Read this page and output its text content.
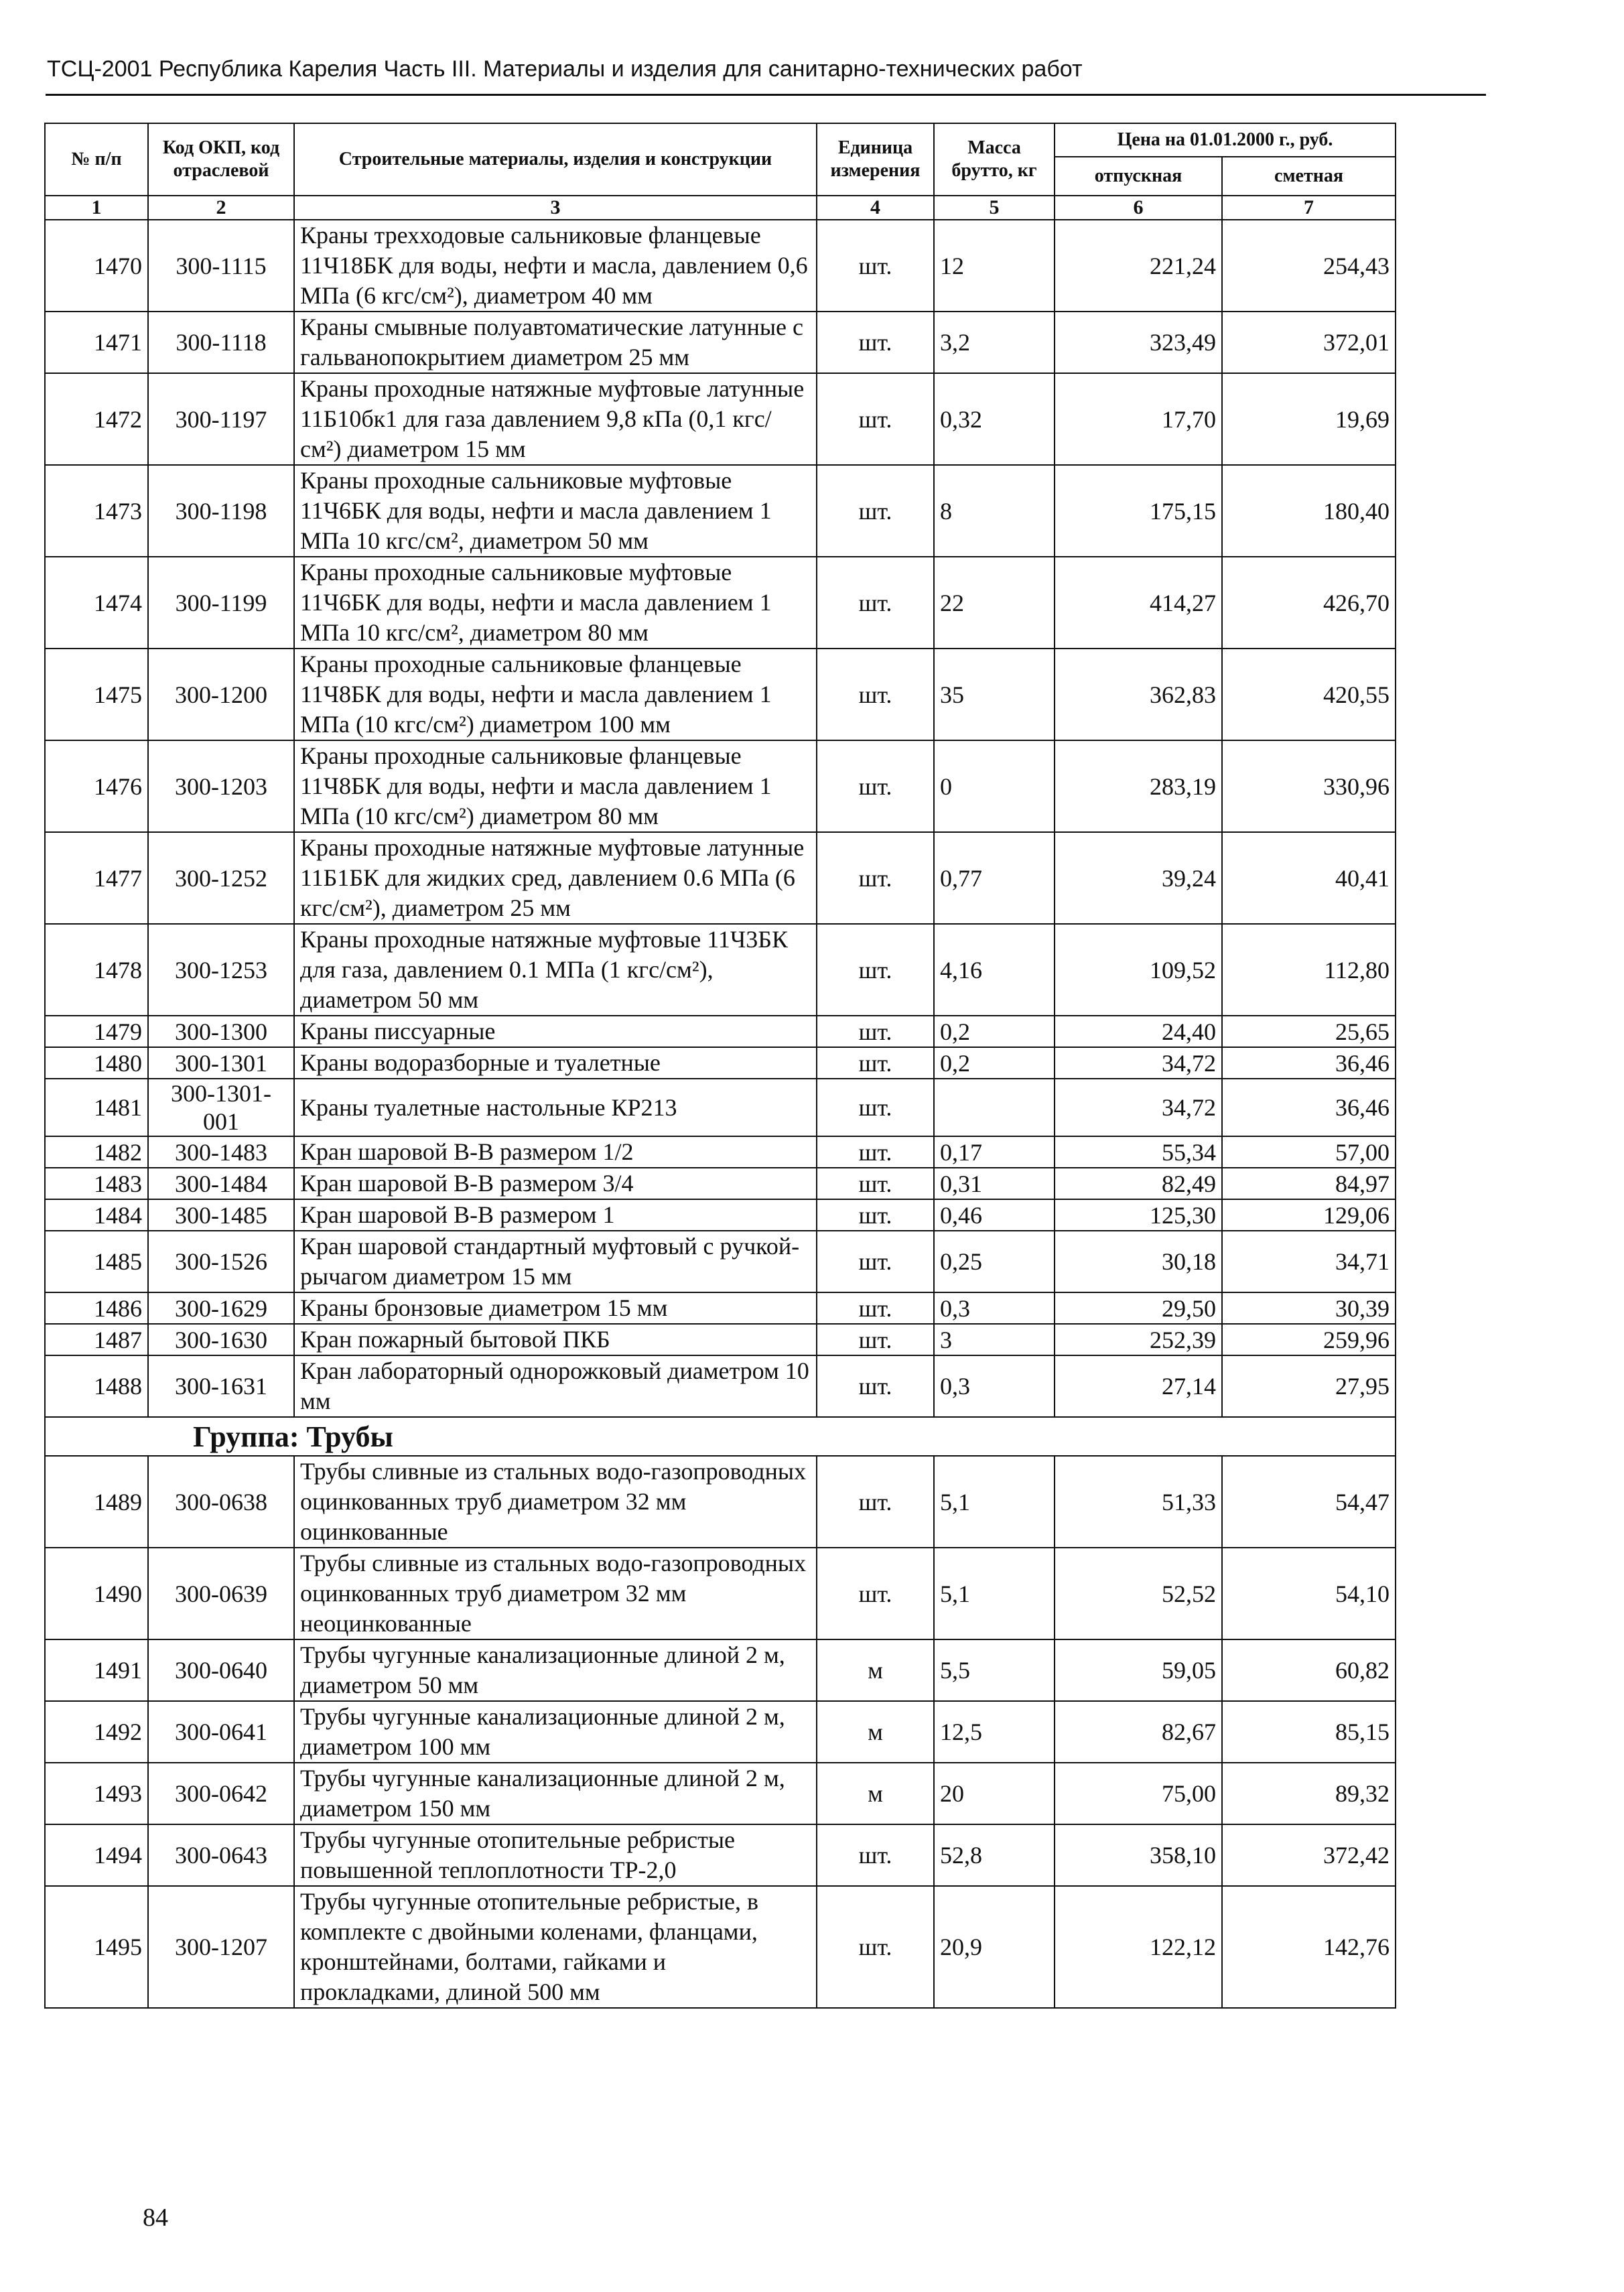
ТСЦ-2001 Республика Карелия Часть III. Материалы и изделия для санитарно-технических работ
№ п/п	Код ОКП, код отраслевой	Строительные материалы, изделия и конструкции	Единица измерения	Масса брутто, кг	Цена на 01.01.2000 г., руб.	
					отпускная	сметная
1	2	3	4	5	6	7
1470	300-1115	Краны трехходовые сальниковые фланцевые 11Ч18БК для воды, нефти и масла, давлением 0,6 МПа (6 кгс/см²), диаметром 40 мм	шт.	12	221,24	254,43
1471	300-1118	Краны смывные полуавтоматические латунные с гальванопокрытием диаметром 25 мм	шт.	3,2	323,49	372,01
1472	300-1197	Краны проходные натяжные муфтовые латунные 11Б10бк1 для газа давлением 9,8 кПа (0,1 кгс/см²) диаметром 15 мм	шт.	0,32	17,70	19,69
1473	300-1198	Краны проходные сальниковые муфтовые 11Ч6БК для воды, нефти и масла давлением 1 МПа 10 кгс/см², диаметром 50 мм	шт.	8	175,15	180,40
1474	300-1199	Краны проходные сальниковые муфтовые 11Ч6БК для воды, нефти и масла давлением 1 МПа 10 кгс/см², диаметром 80 мм	шт.	22	414,27	426,70
1475	300-1200	Краны проходные сальниковые фланцевые 11Ч8БК для воды, нефти и масла давлением 1 МПа (10 кгс/см²) диаметром 100 мм	шт.	35	362,83	420,55
1476	300-1203	Краны проходные сальниковые фланцевые 11Ч8БК для воды, нефти и масла давлением 1 МПа (10 кгс/см²) диаметром 80 мм	шт.	0	283,19	330,96
1477	300-1252	Краны проходные натяжные муфтовые латунные 11Б1БК для жидких сред, давлением 0.6 МПа (6 кгс/см²), диаметром 25 мм	шт.	0,77	39,24	40,41
1478	300-1253	Краны проходные натяжные муфтовые 11Ч3БК для газа, давлением 0.1 МПа (1 кгс/см²), диаметром 50 мм	шт.	4,16	109,52	112,80
1479	300-1300	Краны писсуарные	шт.	0,2	24,40	25,65
1480	300-1301	Краны водоразборные и туалетные	шт.	0,2	34,72	36,46
1481	300-1301-001	Краны туалетные настольные КР213	шт.		34,72	36,46
1482	300-1483	Кран шаровой В-В размером 1/2	шт.	0,17	55,34	57,00
1483	300-1484	Кран шаровой В-В размером 3/4	шт.	0,31	82,49	84,97
1484	300-1485	Кран шаровой В-В размером 1	шт.	0,46	125,30	129,06
1485	300-1526	Кран шаровой стандартный муфтовый с ручкой-рычагом диаметром 15 мм	шт.	0,25	30,18	34,71
1486	300-1629	Краны бронзовые диаметром 15 мм	шт.	0,3	29,50	30,39
1487	300-1630	Кран пожарный бытовой ПКБ	шт.	3	252,39	259,96
1488	300-1631	Кран лабораторный однорожковый диаметром 10 мм	шт.	0,3	27,14	27,95
Группа: Трубы						
1489	300-0638	Трубы сливные из стальных водо-газопроводных оцинкованных труб диаметром 32 мм оцинкованные	шт.	5,1	51,33	54,47
1490	300-0639	Трубы сливные из стальных водо-газопроводных оцинкованных труб диаметром 32 мм неоцинкованные	шт.	5,1	52,52	54,10
1491	300-0640	Трубы чугунные канализационные длиной 2 м, диаметром 50 мм	м	5,5	59,05	60,82
1492	300-0641	Трубы чугунные канализационные длиной 2 м, диаметром 100 мм	м	12,5	82,67	85,15
1493	300-0642	Трубы чугунные канализационные длиной 2 м, диаметром 150 мм	м	20	75,00	89,32
1494	300-0643	Трубы чугунные отопительные ребристые повышенной теплоплотности ТР-2,0	шт.	52,8	358,10	372,42
1495	300-1207	Трубы чугунные отопительные ребристые, в комплекте с двойными коленами, фланцами, кронштейнами, болтами, гайками и прокладками, длиной 500 мм	шт.	20,9	122,12	142,76
84
